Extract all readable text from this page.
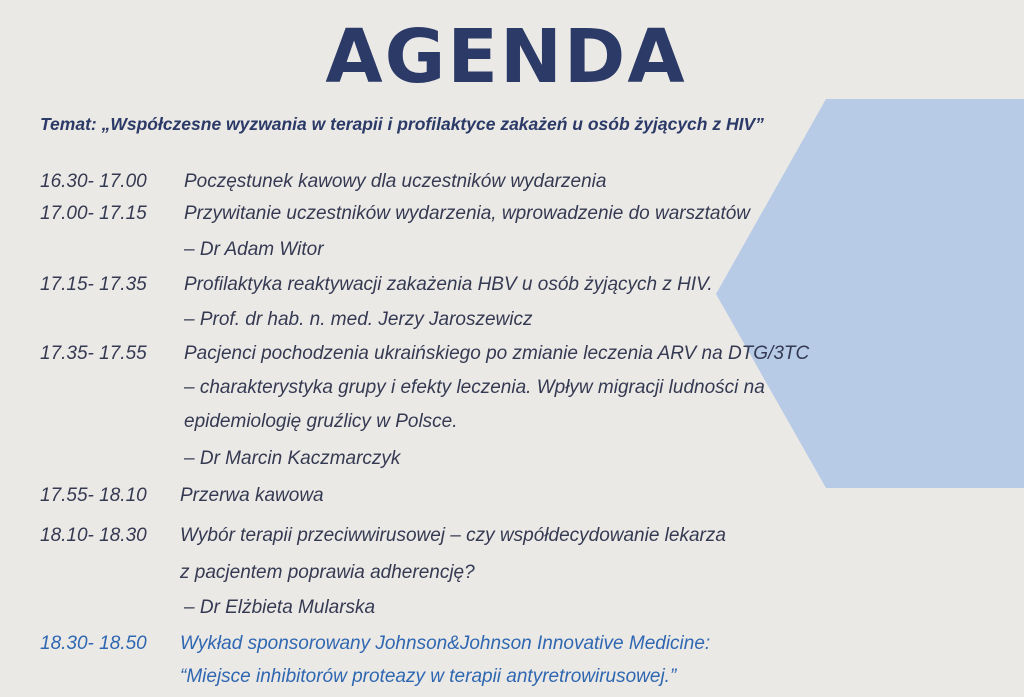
AGENDA
Temat: „Współczesne wyzwania w terapii i profilaktyce zakażeń u osób żyjących z HIV”
16.30- 17.00 Poczęstunek kawowy dla uczestników wydarzenia
17.00- 17.15 Przywitanie uczestników wydarzenia, wprowadzenie do warsztatów
– Dr Adam Witor
17.15- 17.35 Profilaktyka reaktywacji zakażenia HBV u osób żyjących z HIV.
– Prof. dr hab. n. med. Jerzy Jaroszewicz
17.35- 17.55 Pacjenci pochodzenia ukraińskiego po zmianie leczenia ARV na DTG/3TC
– charakterystyka grupy i efekty leczenia. Wpływ migracji ludności na
epidemiologię gruźlicy w Polsce.
– Dr Marcin Kaczmarczyk
17.55- 18.10 Przerwa kawowa
18.10- 18.30 Wybór terapii przeciwwirusowej – czy współdecydowanie lekarza
z pacjentem poprawia adherencję?
– Dr Elżbieta Mularska
18.30- 18.50 Wykład sponsorowany Johnson&Johnson Innovative Medicine:
“Miejsce inhibitorów proteazy w terapii antyretrowirusowej.”
